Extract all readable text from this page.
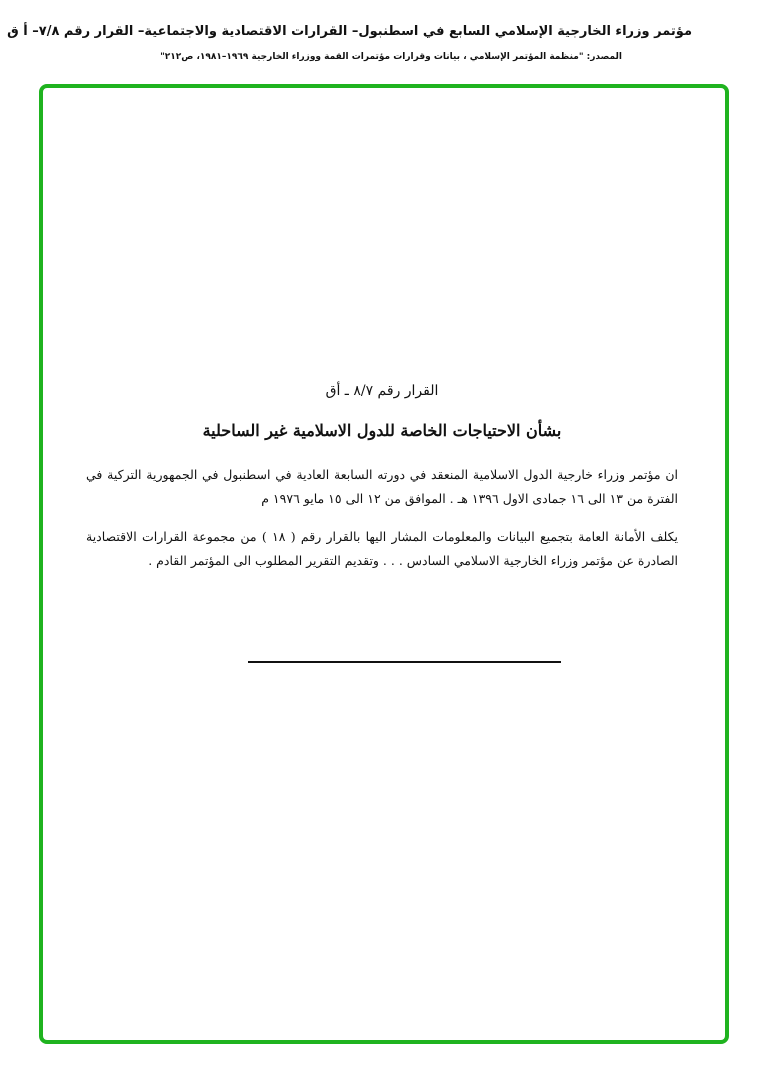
مؤتمر وزراء الخارجية الإسلامي السابع في اسطنبول– القرارات الاقتصادية والاجتماعية– القرار رقم ٧/٨– أ ق
المصدر: "منظمة المؤتمر الإسلامي ، بيانات وقرارات مؤتمرات القمة ووزراء الخارجية ١٩٦٩–١٩٨١، ص٢١٢"
القرار رقم ٨/٧ ـ أق
بشأن الاحتياجات الخاصة للدول الاسلامية غير الساحلية
ان مؤتمر وزراء خارجية الدول الاسلامية المنعقد في دورته السابعة العادية في اسطنبول في الجمهورية التركية في الفترة من ١٣ الى ١٦ جمادى الاول ١٣٩٦ هـ . الموافق من ١٢ الى ١٥ مايو ١٩٧٦ م
يكلف الأمانة العامة بتجميع البيانات والمعلومات المشار اليها بالقرار رقم ( ١٨ ) من مجموعة القرارات الاقتصادية الصادرة عن مؤتمر وزراء الخارجية الاسلامي السادس . . . وتقديم التقرير المطلوب الى المؤتمر القادم .
